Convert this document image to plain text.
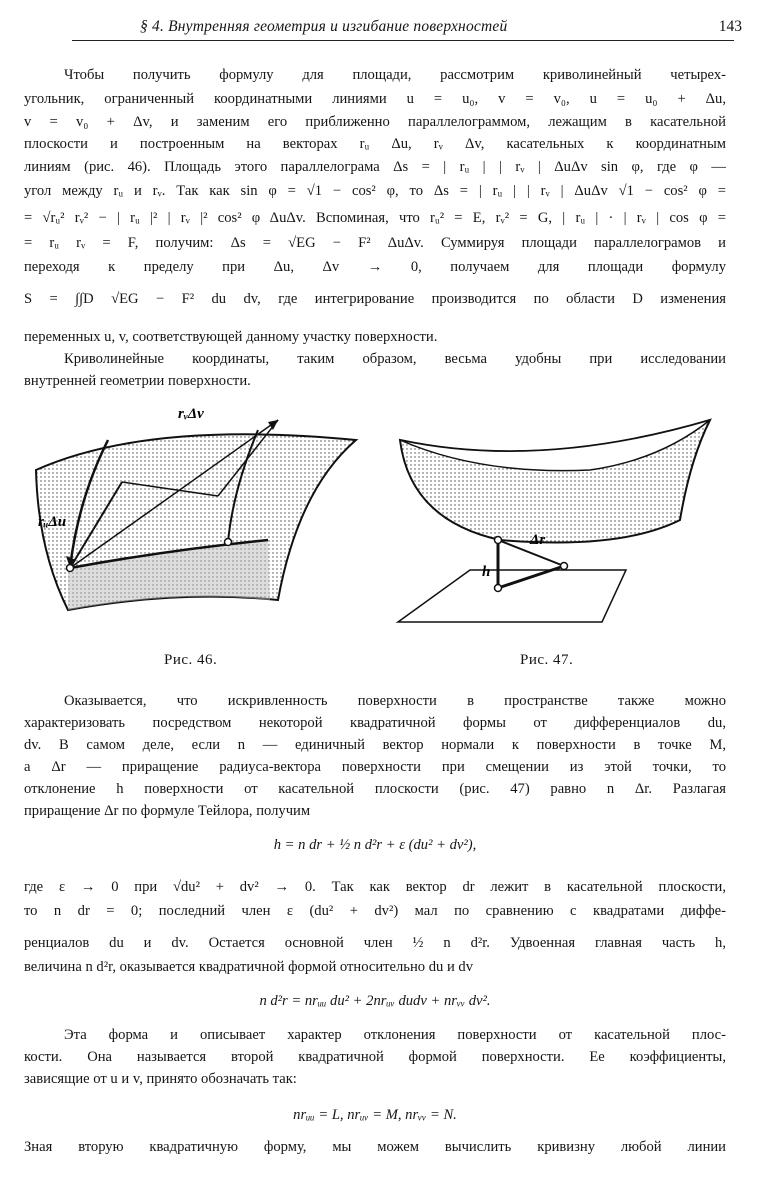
§ 4. Внутренняя геометрия и изгибание поверхностей	143
Чтобы получить формулу для площади, рассмотрим криволинейный четырех-
угольник, ограниченный координатными линиями u = u₀, v = v₀, u = u₀ + Δu,
v = v₀ + Δv, и заменим его приближенно параллелограммом, лежащим в касательной
плоскости и построенным на векторах rᵤ Δu, rᵥ Δv, касательных к координатным
линиям (рис. 46). Площадь этого параллелограма Δs = | rᵤ | | rᵥ | ΔuΔv sin φ, где φ —
угол между rᵤ и rᵥ. Так как sin φ = √1 − cos² φ, то Δs = | rᵤ | | rᵥ | ΔuΔv √1 − cos² φ =
= √rᵤ² rᵥ² − | rᵤ |² | rᵥ |² cos² φ ΔuΔv. Вспоминая, что rᵤ² = E, rᵥ² = G, | rᵤ | · | rᵥ | cos φ =
= rᵤ rᵥ = F, получим: Δs = √EG − F² ΔuΔv. Суммируя площади параллелограмов и
переходя к пределу при Δu, Δv → 0, получаем для площади формулу
S = ∫∫D √EG − F² du dv, где интегрирование производится по области D изменения
переменных u, v, соответствующей данному участку поверхности.
Криволинейные координаты, таким образом, весьма удобны при исследовании
внутренней геометрии поверхности.
rᵥΔv
rᵤΔu
Δr
h
Рис. 46.	Рис. 47.
Оказывается, что искривленность поверхности в пространстве также можно
характеризовать посредством некоторой квадратичной формы от дифференциалов du,
dv. В самом деле, если n — единичный вектор нормали к поверхности в точке M,
а Δr — приращение радиуса-вектора поверхности при смещении из этой точки, то
отклонение h поверхности от касательной плоскости (рис. 47) равно n Δr. Разлагая
приращение Δr по формуле Тейлора, получим
h = n dr + ½ n d²r + ε (du² + dv²),
где ε → 0 при √du² + dv² → 0. Так как вектор dr лежит в касательной плоскости,
то n dr = 0; последний член ε (du² + dv²) мал по сравнению с квадратами диффе-
ренциалов du и dv. Остается основной член ½ n d²r. Удвоенная главная часть h,
величина n d²r, оказывается квадратичной формой относительно du и dv
n d²r = nrᵤᵤ du² + 2nrᵤᵥ dudv + nrᵥᵥ dv².
Эта форма и описывает характер отклонения поверхности от касательной плос-
кости. Она называется второй квадратичной формой поверхности. Ее коэффициенты,
зависящие от u и v, принято обозначать так:
nrᵤᵤ = L, nrᵤᵥ = M, nrᵥᵥ = N.
Зная вторую квадратичную форму, мы можем вычислить кривизну любой линии
